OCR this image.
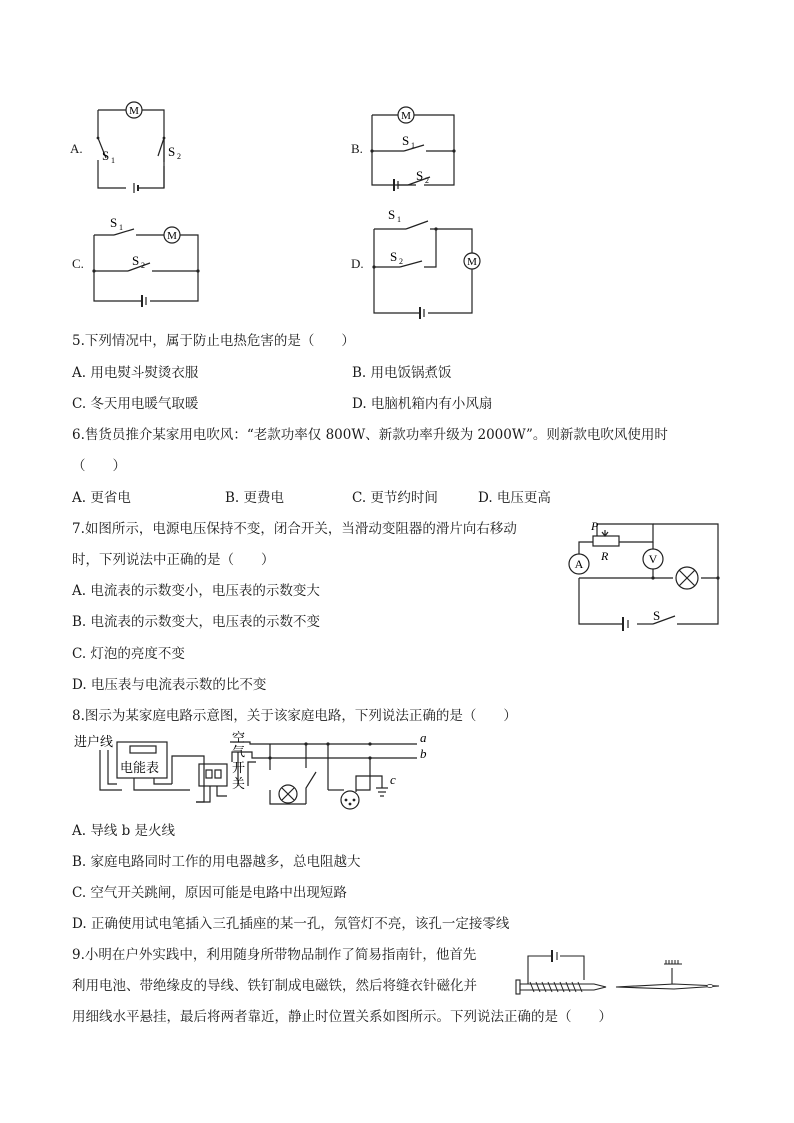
A.
M
S 1
S 2
B.
M
S 1
S 2
C.
M
S 1
S 2	D.	M
S 1
S 2
5.下列情况中，属于防止电热危害的是（　　）
A. 用电熨斗熨烫衣服	B. 用电饭锅煮饭
C. 冬天用电暖气取暖	D. 电脑机箱内有小风扇
6.售货员推介某家用电吹风：“老款功率仅 800W、新款功率升级为 2000W”。则新款电吹风使用时
（　　）
A. 更省电	B. 更费电	C. 更节约时间	D. 电压更高
7.如图所示，电源电压保持不变，闭合开关，当滑动变阻器的滑片向右移动
时，下列说法中正确的是（　　）
A. 电流表的示数变小，电压表的示数变大
B. 电流表的示数变大，电压表的示数不变
C. 灯泡的亮度不变
D. 电压表与电流表示数的比不变
A	V
P
R
S
8.图示为某家庭电路示意图，关于该家庭电路，下列说法正确的是（　　）
进户线
电能表
空
气
开
关
a
b
c
A. 导线 b 是火线
B. 家庭电路同时工作的用电器越多，总电阻越大
C. 空气开关跳闸，原因可能是电路中出现短路
D. 正确使用试电笔插入三孔插座的某一孔，氖管灯不亮，该孔一定接零线
9.小明在户外实践中，利用随身所带物品制作了简易指南针，他首先
利用电池、带绝缘皮的导线、铁钉制成电磁铁，然后将缝衣针磁化并
用细线水平悬挂，最后将两者靠近，静止时位置关系如图所示。下列说法正确的是（　　）
